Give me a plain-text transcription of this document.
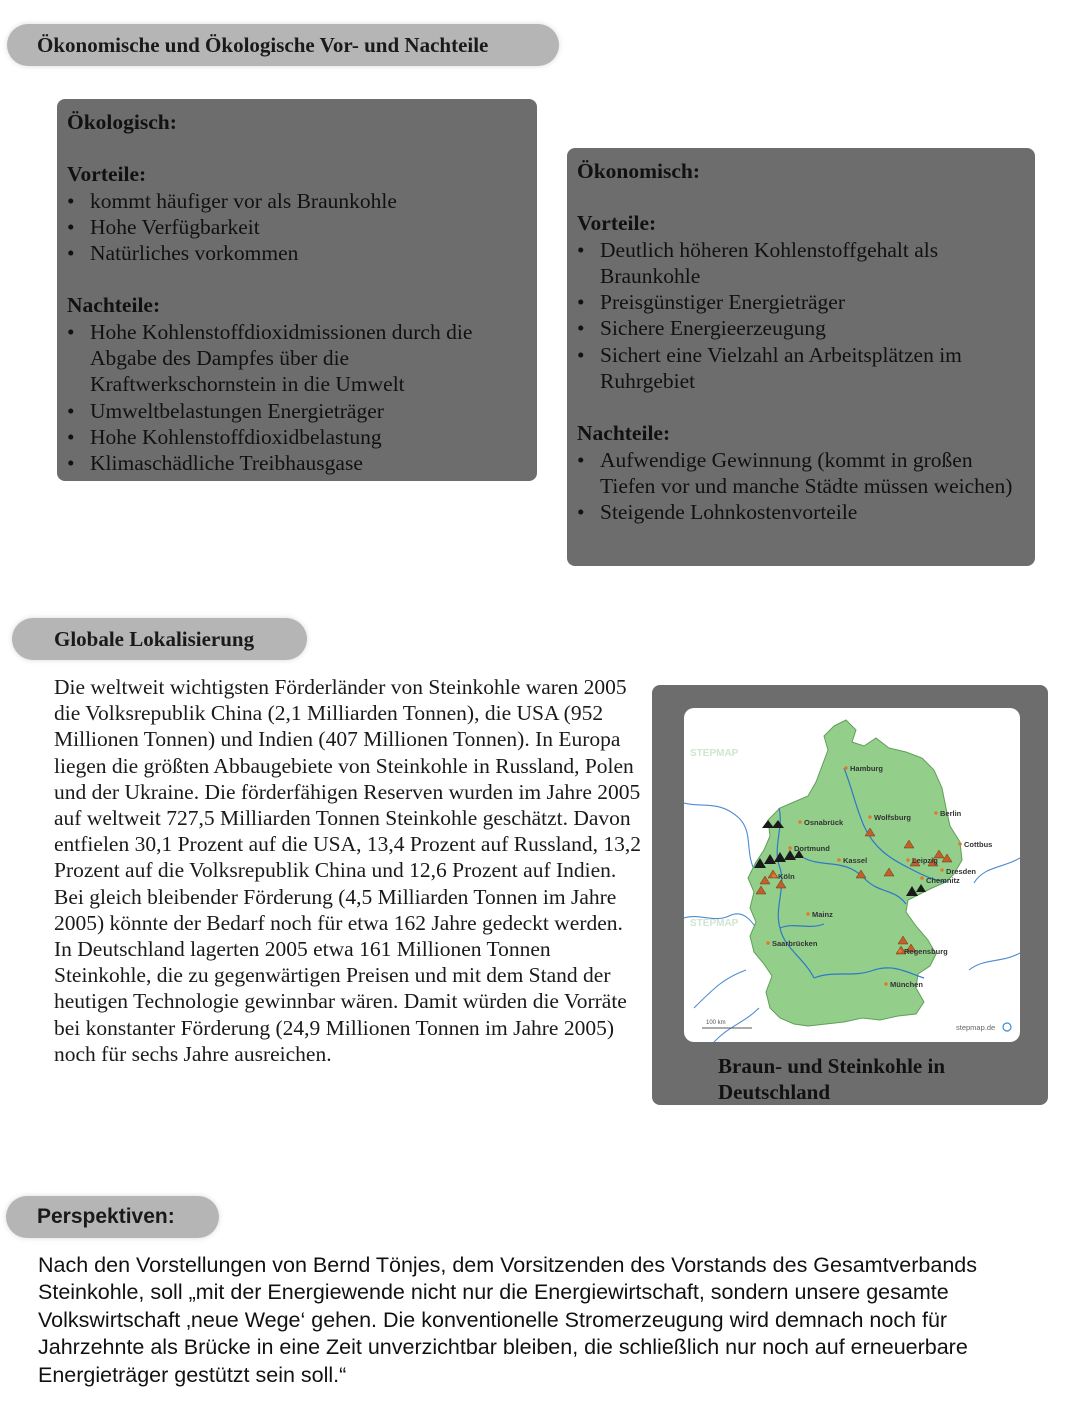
Ökonomische und Ökologische Vor- und Nachteile
Ökologisch:
Vorteile:
• kommt häufiger vor als Braunkohle
• Hohe Verfügbarkeit
• Natürliches vorkommen
Nachteile:
• Hohe Kohlenstoffdioxidmissionen durch die Abgabe des Dampfes über die Kraftwerkschornstein in die Umwelt
• Umweltbelastungen Energieträger
• Hohe Kohlenstoffdioxidbelastung
• Klimaschädliche Treibhausgase
Ökonomisch:
Vorteile:
• Deutlich höheren Kohlenstoffgehalt als Braunkohle
• Preisgünstiger Energieträger
• Sichere Energieerzeugung
• Sichert eine Vielzahl an Arbeitsplätzen im Ruhrgebiet
Nachteile:
• Aufwendige Gewinnung (kommt in großen Tiefen vor und manche Städte müssen weichen)
• Steigende Lohnkostenvorteile
Globale Lokalisierung

Die weltweit wichtigsten Förderländer von Steinkohle waren 2005 die Volksrepublik China (2,1 Milliarden Tonnen), die USA (952 Millionen Tonnen) und Indien (407 Millionen Tonnen). In Europa liegen die größten Abbaugebiete von Steinkohle in Russland, Polen und der Ukraine. Die förderfähigen Reserven wurden im Jahre 2005 auf weltweit 727,5 Milliarden Tonnen Steinkohle geschätzt. Davon entfielen 30,1 Prozent auf die USA, 13,4 Prozent auf Russland, 13,2 Prozent auf die Volksrepublik China und 12,6 Prozent auf Indien. Bei gleich bleibender Förderung (4,5 Milliarden Tonnen im Jahre 2005) könnte der Bedarf noch für etwa 162 Jahre gedeckt werden. In Deutschland lagerten 2005 etwa 161 Millionen Tonnen Steinkohle, die zu gegenwärtigen Preisen und mit dem Stand der heutigen Technologie gewinnbar wären. Damit würden die Vorräte bei konstanter Förderung (24,9 Millionen Tonnen im Jahre 2005) noch für sechs Jahre ausreichen.

STEPMAP
STEPMAP
Hamburg
Berlin
Wolfsburg
Osnabrück
Cottbus
Dortmund
Kassel	Leipzig
Dresden
Köln	Chemnitz
Mainz
Saarbrücken
Regensburg
München
100 km	stepmap.de
Braun- und Steinkohle in Deutschland
Perspektiven:

Nach den Vorstellungen von Bernd Tönjes, dem Vorsitzenden des Vorstands des Gesamtverbands Steinkohle, soll „mit der Energiewende nicht nur die Energiewirtschaft, sondern unsere gesamte Volkswirtschaft ‚neue Wege‘ gehen. Die konventionelle Stromerzeugung wird demnach noch für Jahrzehnte als Brücke in eine Zeit unverzichtbar bleiben, die schließlich nur noch auf erneuerbare Energieträger gestützt sein soll.“
